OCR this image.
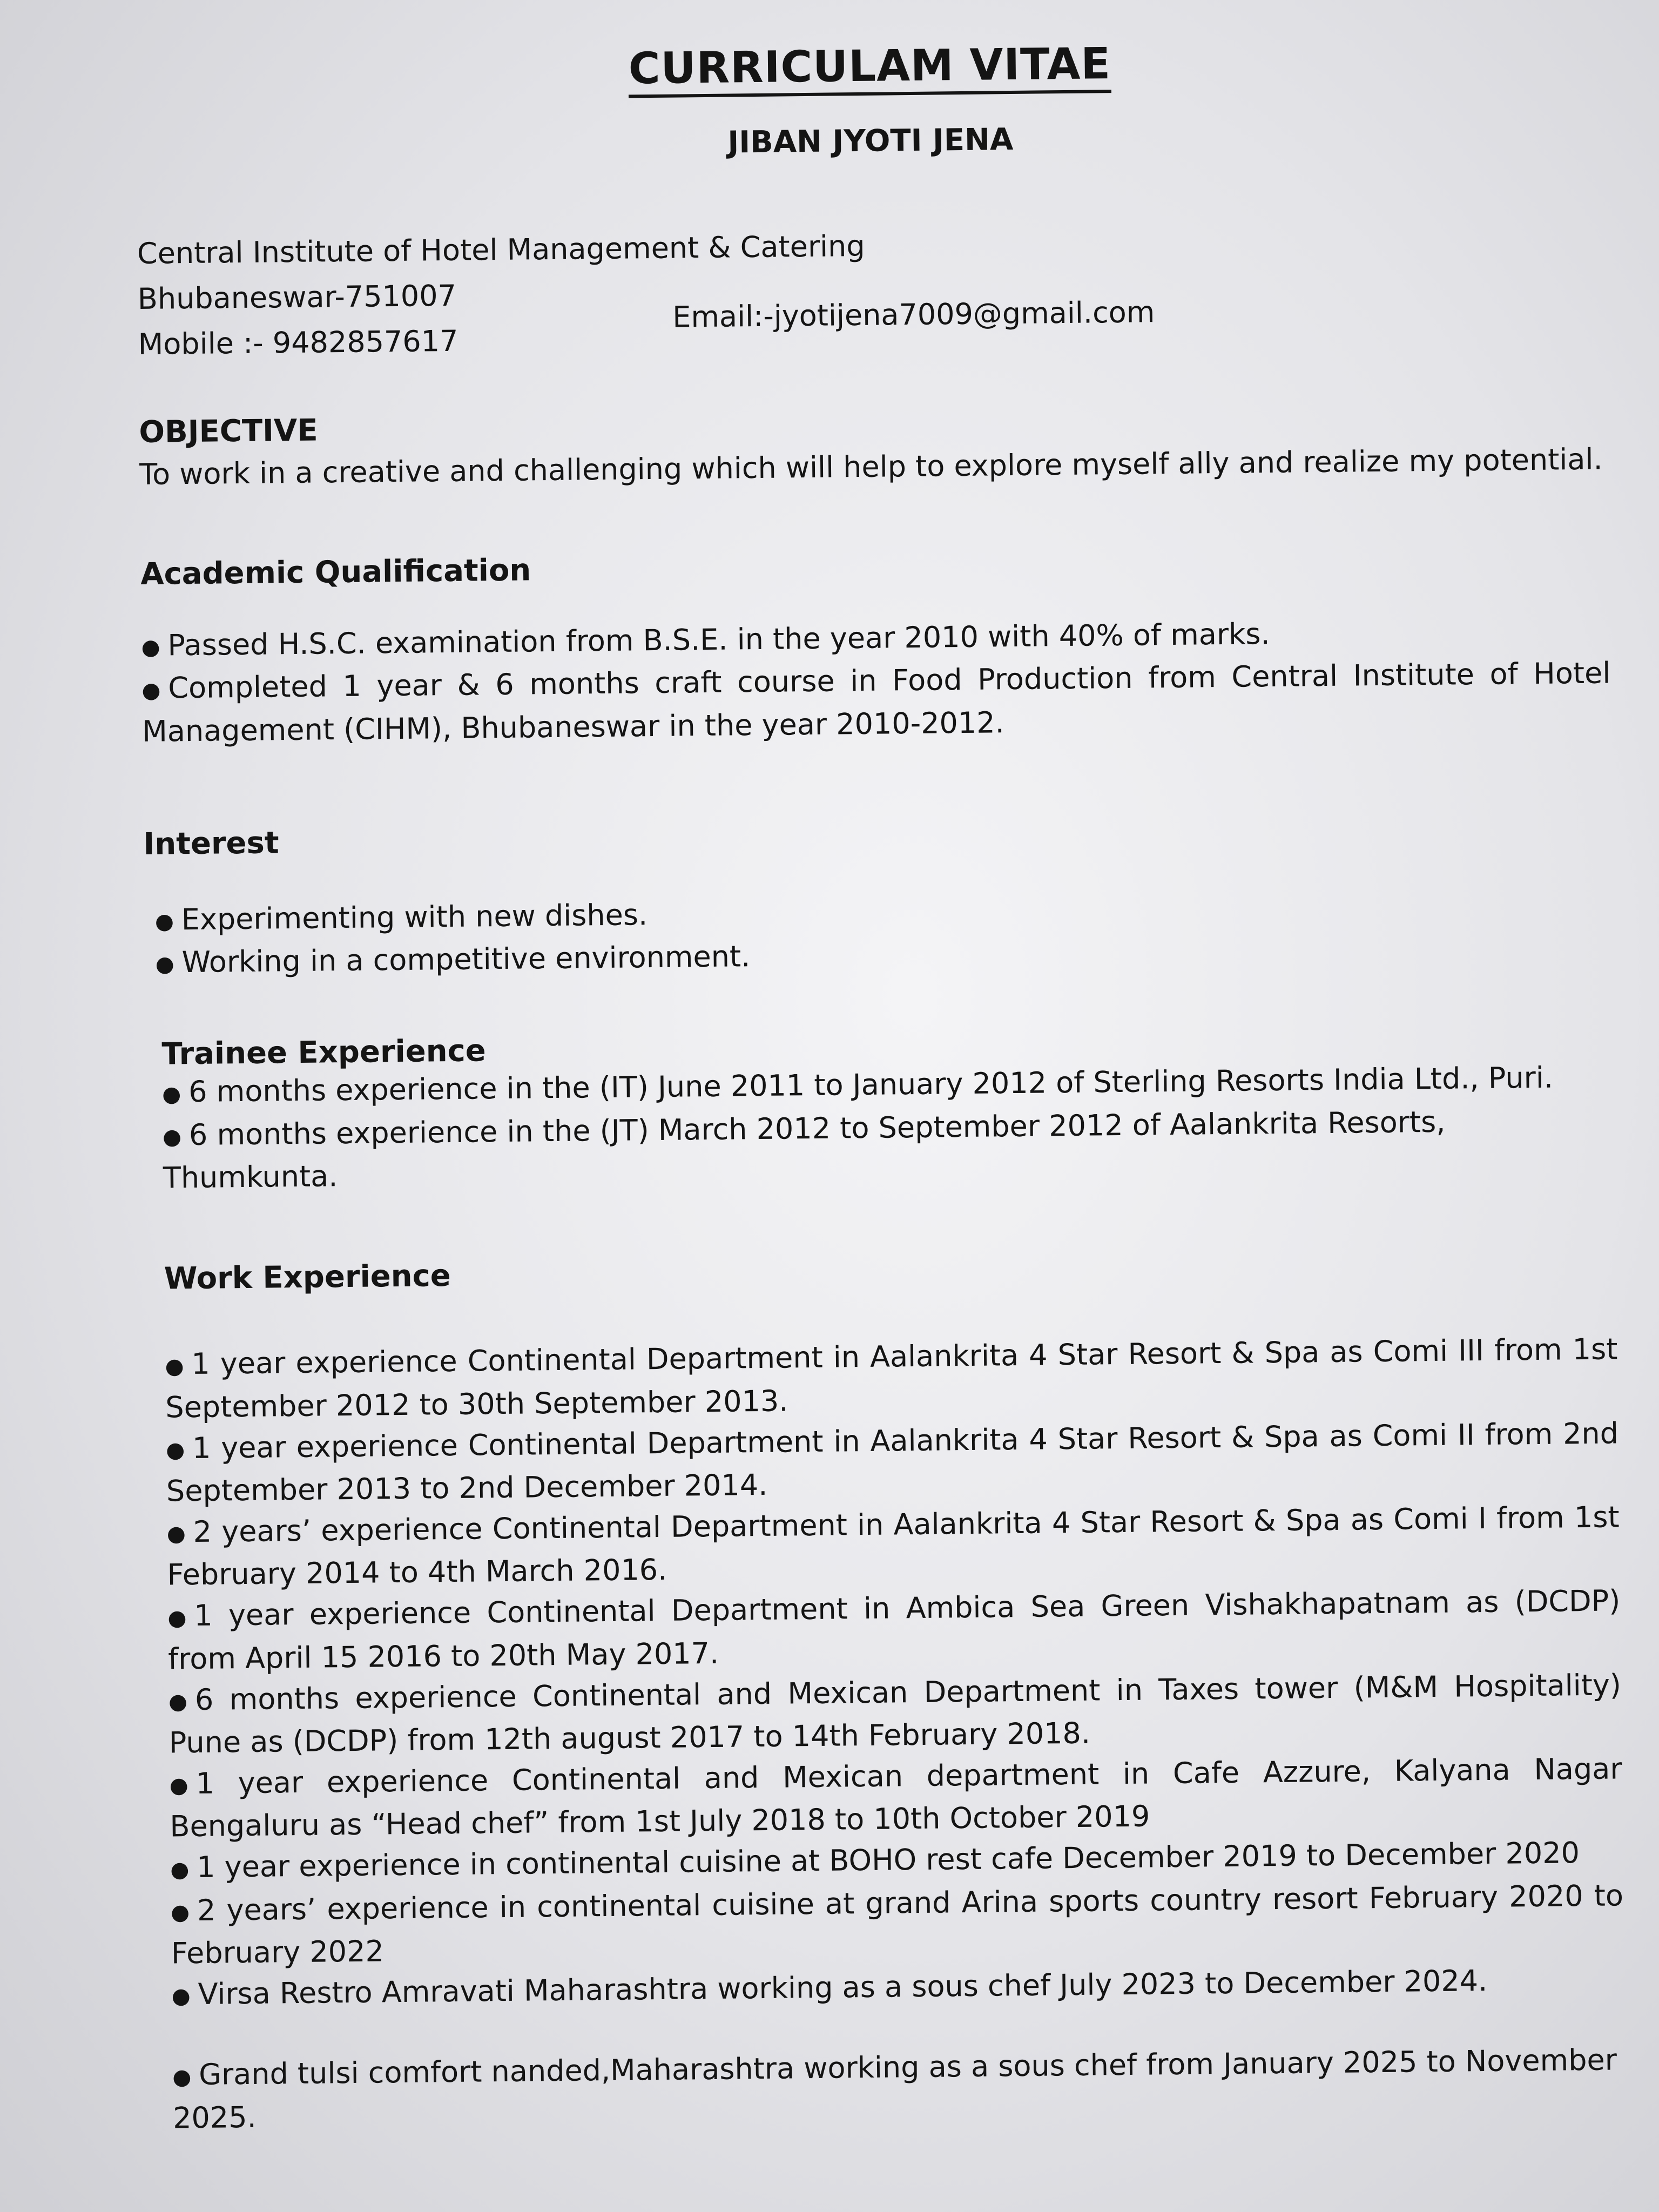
CURRICULAM VITAE
JIBAN JYOTI JENA

Central Institute of Hotel Management & Catering

Bhubaneswar-751007

Mobile :- 9482857617

Email:-jyotijena7009@gmail.com
OBJECTIVE

To work in a creative and challenging which will help to explore myself ally and realize my potential.

Academic Qualification
● Passed H.S.C. examination from B.S.E. in the year 2010 with 40% of marks.
● Completed 1 year & 6 months craft course in Food Production from Central Institute of Hotel Management (CIHM), Bhubaneswar in the year 2010-2012.
Interest
● Experimenting with new dishes.
● Working in a competitive environment.
Trainee Experience
● 6 months experience in the (IT) June 2011 to January 2012 of Sterling Resorts India Ltd., Puri.
● 6 months experience in the (JT) March 2012 to September 2012 of Aalankrita Resorts, Thumkunta.
Work Experience
● 1 year experience Continental Department in Aalankrita 4 Star Resort & Spa as Comi III from 1st September 2012 to 30th September 2013.
● 1 year experience Continental Department in Aalankrita 4 Star Resort & Spa as Comi II from 2nd September 2013 to 2nd December 2014.
● 2 years’ experience Continental Department in Aalankrita 4 Star Resort & Spa as Comi I from 1st February 2014 to 4th March 2016.
● 1 year experience Continental Department in Ambica Sea Green Vishakhapatnam as (DCDP) from April 15 2016 to 20th May 2017.
● 6 months experience Continental and Mexican Department in Taxes tower (M&M Hospitality) Pune as (DCDP) from 12th august 2017 to 14th February 2018.
● 1 year experience Continental and Mexican department in Cafe Azzure, Kalyana Nagar Bengaluru as “Head chef” from 1st July 2018 to 10th October 2019
● 1 year experience in continental cuisine at BOHO rest cafe December 2019 to December 2020
● 2 years’ experience in continental cuisine at grand Arina sports country resort February 2020 to February 2022
● Virsa Restro Amravati Maharashtra working as a sous chef July 2023 to December 2024.
● Grand tulsi comfort nanded,Maharashtra working as a sous chef from January 2025 to November 2025.
